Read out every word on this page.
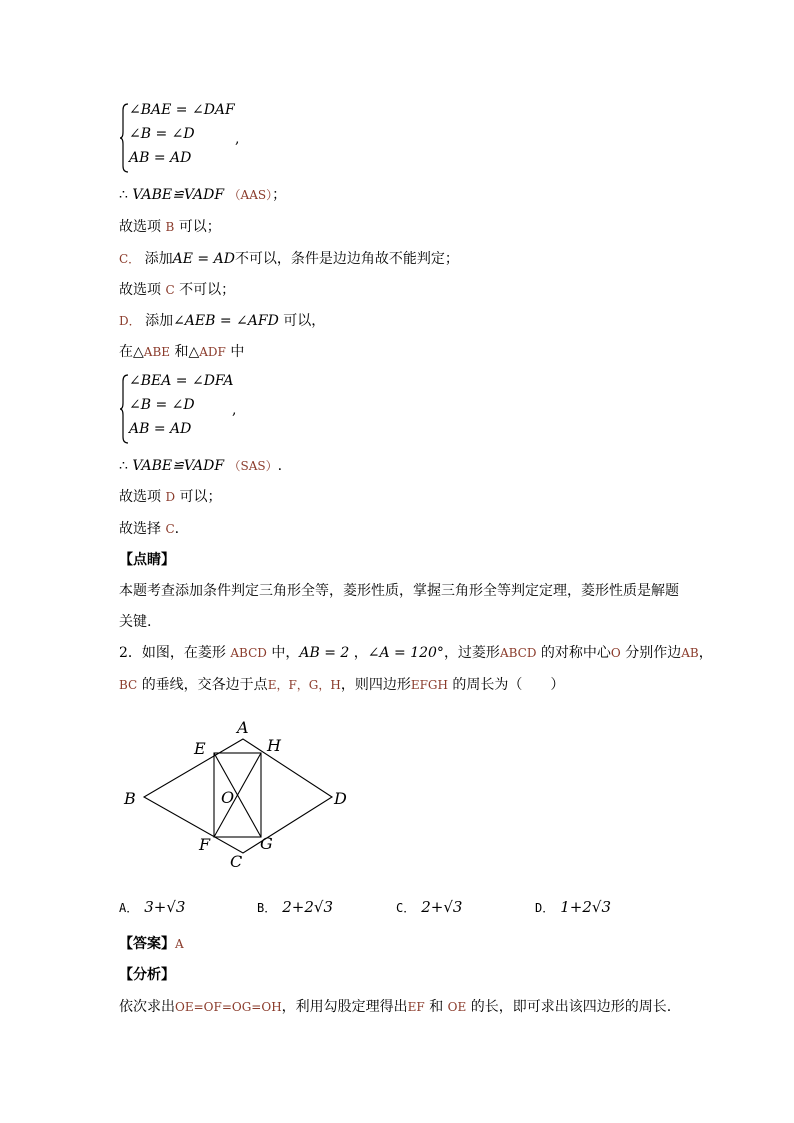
∠BAE = ∠DAF
∠B = ∠D
AB = AD
,
∴ VABE≌VADF （AAS）；
故选项 B 可以；
C． 添加AE = AD不可以，条件是边边角故不能判定；
故选项 C 不可以；
D． 添加∠AEB = ∠AFD 可以，
在△ABE 和△ADF 中
∠BEA = ∠DFA
∠B = ∠D
AB = AD
,
∴ VABE≌VADF （SAS）.
故选项 D 可以；
故选择 C.
【点睛】
本题考查添加条件判定三角形全等，菱形性质，掌握三角形全等判定定理，菱形性质是解题
关键.
2．如图，在菱形 ABCD 中，AB = 2 ，∠A = 120°，过菱形ABCD 的对称中心O 分别作边AB，
BC 的垂线，交各边于点E，F，G，H，则四边形EFGH 的周长为（　　）
A
E	H
B	O	D
F	G
C
A． 3+√3	B． 2+2√3	C． 2+√3	D． 1+2√3
【答案】A
【分析】
依次求出OE=OF=OG=OH，利用勾股定理得出EF 和 OE 的长，即可求出该四边形的周长.
